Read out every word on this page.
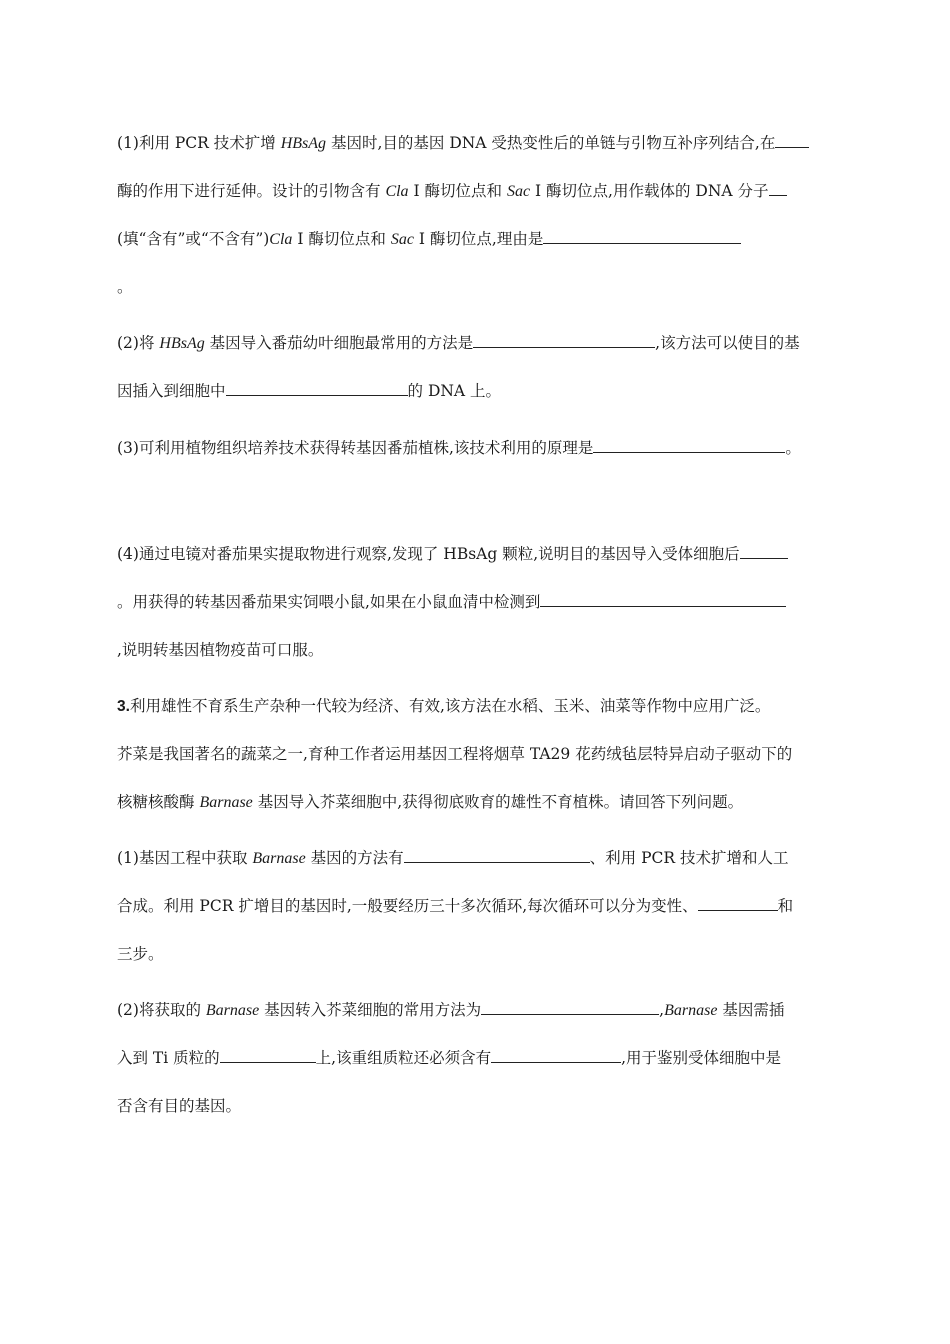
(1)利用 PCR 技术扩增 HBsAg 基因时,目的基因 DNA 受热变性后的单链与引物互补序列结合,在
酶的作用下进行延伸。设计的引物含有 Cla Ⅰ 酶切位点和 Sac Ⅰ 酶切位点,用作载体的 DNA 分子
(填“含有”或“不含有”)Cla Ⅰ 酶切位点和 Sac Ⅰ 酶切位点,理由是
。
(2)将 HBsAg 基因导入番茄幼叶细胞最常用的方法是	,该方法可以使目的基
因插入到细胞中	的 DNA 上。
(3)可利用植物组织培养技术获得转基因番茄植株,该技术利用的原理是	。
(4)通过电镜对番茄果实提取物进行观察,发现了 HBsAg 颗粒,说明目的基因导入受体细胞后
。用获得的转基因番茄果实饲喂小鼠,如果在小鼠血清中检测到
,说明转基因植物疫苗可口服。
3.利用雄性不育系生产杂种一代较为经济、有效,该方法在水稻、玉米、油菜等作物中应用广泛。
芥菜是我国著名的蔬菜之一,育种工作者运用基因工程将烟草 TA29 花药绒毡层特异启动子驱动下的
核糖核酸酶 Barnase 基因导入芥菜细胞中,获得彻底败育的雄性不育植株。请回答下列问题。
(1)基因工程中获取 Barnase 基因的方法有	、利用 PCR 技术扩增和人工
合成。利用 PCR 扩增目的基因时,一般要经历三十多次循环,每次循环可以分为变性、	和
三步。
(2)将获取的 Barnase 基因转入芥菜细胞的常用方法为	,Barnase 基因需插
入到 Ti 质粒的	上,该重组质粒还必须含有	,用于鉴别受体细胞中是
否含有目的基因。
